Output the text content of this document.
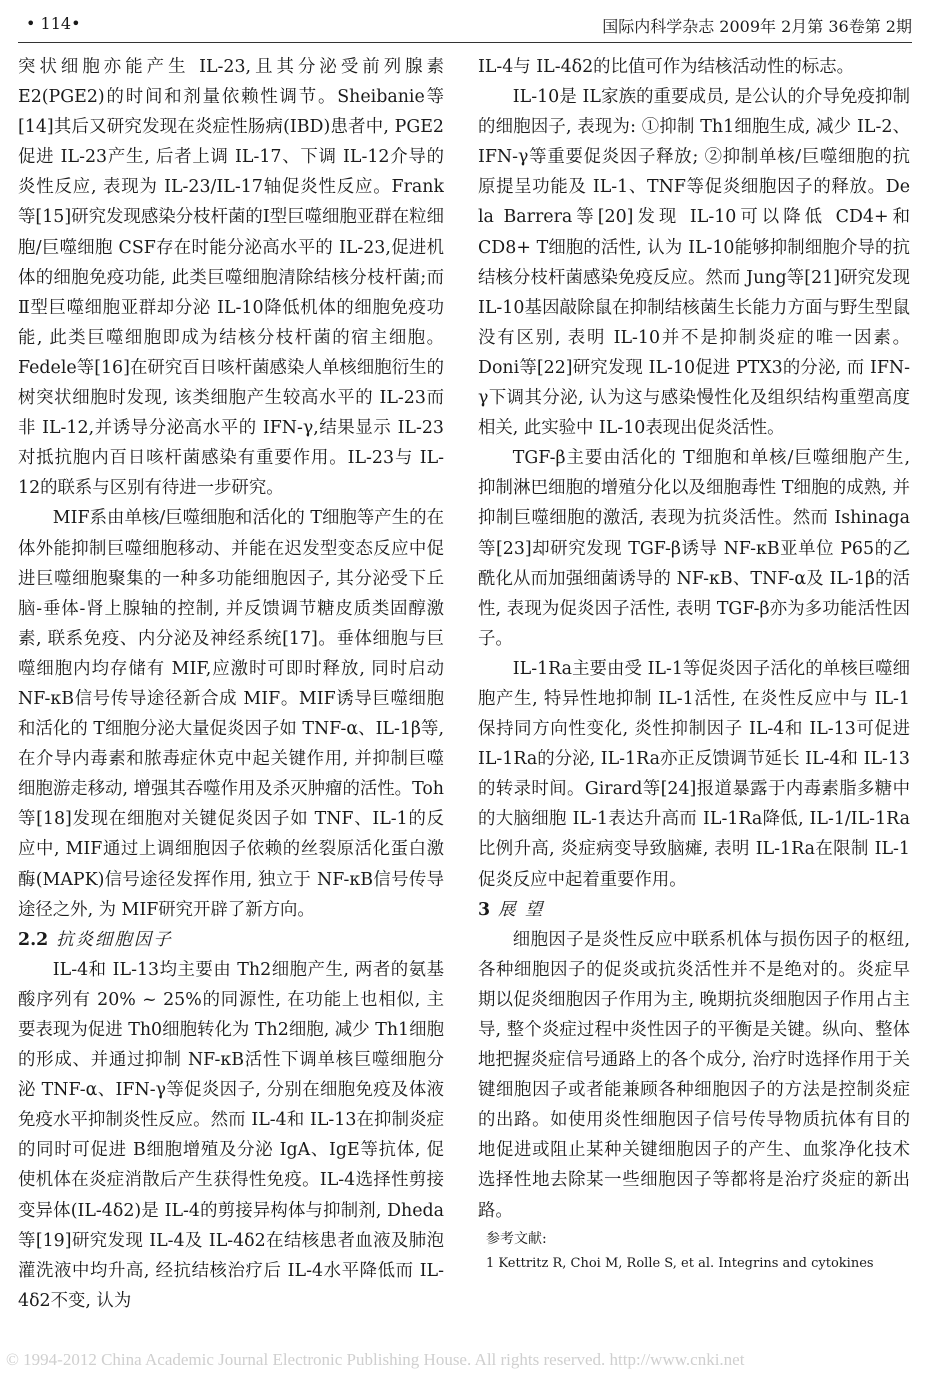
• 114•	国际内科学杂志 2009年 2月第 36卷第 2期

突状细胞亦能产生 IL-23,且其分泌受前列腺素 E2(PGE2)的时间和剂量依赖性调节。Sheibanie等[14]其后又研究发现在炎症性肠病(IBD)患者中, PGE2促进 IL-23产生, 后者上调 IL-17、下调 IL-12介导的炎性反应, 表现为 IL-23/IL-17轴促炎性反应。Frank等[15]研究发现感染分枝杆菌的Ⅰ型巨噬细胞亚群在粒细胞/巨噬细胞 CSF存在时能分泌高水平的 IL-23,促进机体的细胞免疫功能, 此类巨噬细胞清除结核分枝杆菌;而Ⅱ型巨噬细胞亚群却分泌 IL-10降低机体的细胞免疫功能, 此类巨噬细胞即成为结核分枝杆菌的宿主细胞。Fedele等[16]在研究百日咳杆菌感染人单核细胞衍生的树突状细胞时发现, 该类细胞产生较高水平的 IL-23而非 IL-12,并诱导分泌高水平的 IFN-γ,结果显示 IL-23对抵抗胞内百日咳杆菌感染有重要作用。IL-23与 IL-12的联系与区别有待进一步研究。

MIF系由单核/巨噬细胞和活化的 T细胞等产生的在体外能抑制巨噬细胞移动、并能在迟发型变态反应中促进巨噬细胞聚集的一种多功能细胞因子, 其分泌受下丘脑-垂体-肾上腺轴的控制, 并反馈调节糖皮质类固醇激素, 联系免疫、内分泌及神经系统[17]。垂体细胞与巨噬细胞内均存储有 MIF,应激时可即时释放, 同时启动 NF-κB信号传导途径新合成 MIF。MIF诱导巨噬细胞和活化的 T细胞分泌大量促炎因子如 TNF-α、IL-1β等, 在介导内毒素和脓毒症休克中起关键作用, 并抑制巨噬细胞游走移动, 增强其吞噬作用及杀灭肿瘤的活性。Toh等[18]发现在细胞对关键促炎因子如 TNF、IL-1的反应中, MIF通过上调细胞因子依赖的丝裂原活化蛋白激酶(MAPK)信号途径发挥作用, 独立于 NF-κB信号传导途径之外, 为 MIF研究开辟了新方向。

2.2 抗炎细胞因子

IL-4和 IL-13均主要由 Th2细胞产生, 两者的氨基酸序列有 20% ~ 25%的同源性, 在功能上也相似, 主要表现为促进 Th0细胞转化为 Th2细胞, 减少 Th1细胞的形成、并通过抑制 NF-κB活性下调单核巨噬细胞分泌 TNF-α、IFN-γ等促炎因子, 分别在细胞免疫及体液免疫水平抑制炎性反应。然而 IL-4和 IL-13在抑制炎症的同时可促进 B细胞增殖及分泌 IgA、IgE等抗体, 促使机体在炎症消散后产生获得性免疫。IL-4选择性剪接变异体(IL-4δ2)是 IL-4的剪接异构体与抑制剂, Dheda等[19]研究发现 IL-4及 IL-4δ2在结核患者血液及肺泡灌洗液中均升高, 经抗结核治疗后 IL-4水平降低而 IL-4δ2不变, 认为

IL-4与 IL-4δ2的比值可作为结核活动性的标志。

IL-10是 IL家族的重要成员, 是公认的介导免疫抑制的细胞因子, 表现为: ①抑制 Th1细胞生成, 减少 IL-2、IFN-γ等重要促炎因子释放; ②抑制单核/巨噬细胞的抗原提呈功能及 IL-1、TNF等促炎细胞因子的释放。De la Barrera等[20]发现 IL-10可以降低 CD4+和 CD8+ T细胞的活性, 认为 IL-10能够抑制细胞介导的抗结核分枝杆菌感染免疫反应。然而 Jung等[21]研究发现 IL-10基因敲除鼠在抑制结核菌生长能力方面与野生型鼠没有区别, 表明 IL-10并不是抑制炎症的唯一因素。Doni等[22]研究发现 IL-10促进 PTX3的分泌, 而 IFN-γ下调其分泌, 认为这与感染慢性化及组织结构重塑高度相关, 此实验中 IL-10表现出促炎活性。

TGF-β主要由活化的 T细胞和单核/巨噬细胞产生, 抑制淋巴细胞的增殖分化以及细胞毒性 T细胞的成熟, 并抑制巨噬细胞的激活, 表现为抗炎活性。然而 Ishinaga等[23]却研究发现 TGF-β诱导 NF-κB亚单位 P65的乙酰化从而加强细菌诱导的 NF-κB、TNF-α及 IL-1β的活性, 表现为促炎因子活性, 表明 TGF-β亦为多功能活性因子。

IL-1Ra主要由受 IL-1等促炎因子活化的单核巨噬细胞产生, 特异性地抑制 IL-1活性, 在炎性反应中与 IL-1保持同方向性变化, 炎性抑制因子 IL-4和 IL-13可促进 IL-1Ra的分泌, IL-1Ra亦正反馈调节延长 IL-4和 IL-13的转录时间。Girard等[24]报道暴露于内毒素脂多糖中的大脑细胞 IL-1表达升高而 IL-1Ra降低, IL-1/IL-1Ra比例升高, 炎症病变导致脑瘫, 表明 IL-1Ra在限制 IL-1促炎反应中起着重要作用。

3 展 望

细胞因子是炎性反应中联系机体与损伤因子的枢纽, 各种细胞因子的促炎或抗炎活性并不是绝对的。炎症早期以促炎细胞因子作用为主, 晚期抗炎细胞因子作用占主导, 整个炎症过程中炎性因子的平衡是关键。纵向、整体地把握炎症信号通路上的各个成分, 治疗时选择作用于关键细胞因子或者能兼顾各种细胞因子的方法是控制炎症的出路。如使用炎性细胞因子信号传导物质抗体有目的地促进或阻止某种关键细胞因子的产生、血浆净化技术选择性地去除某一些细胞因子等都将是治疗炎症的新出路。

参考文献:
1 Kettritz R, Choi M, Rolle S, et al. Integrins and cytokines
© 1994-2012 China Academic Journal Electronic Publishing House. All rights reserved. http://www.cnki.net
